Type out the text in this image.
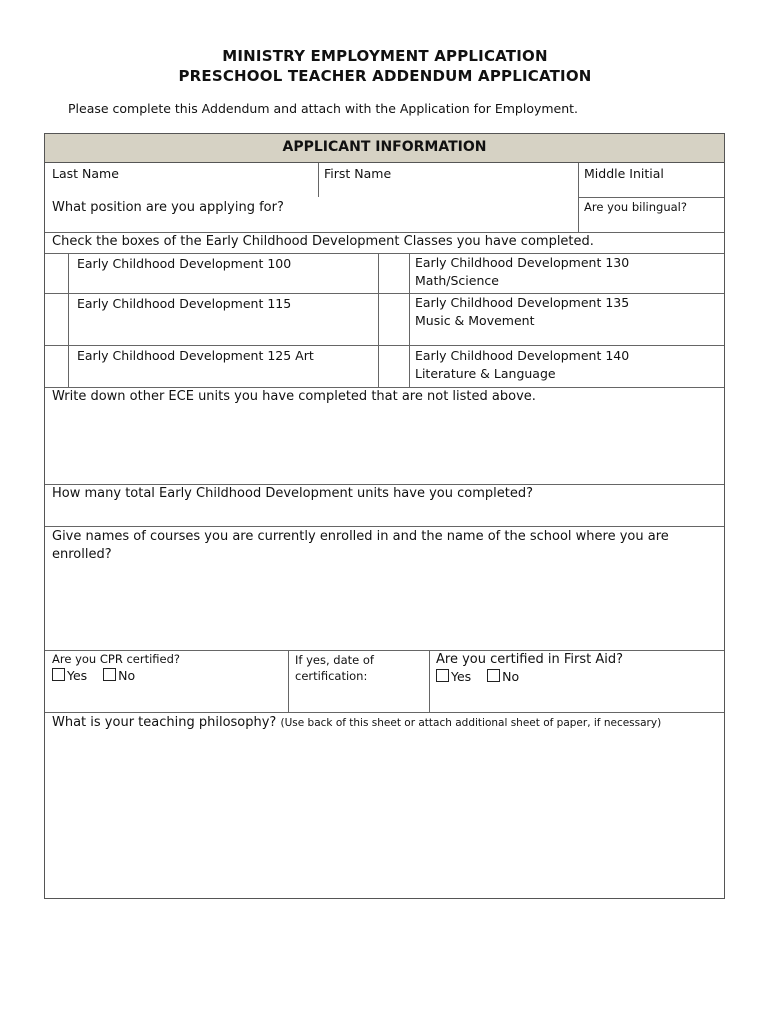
MINISTRY EMPLOYMENT APPLICATION
PRESCHOOL TEACHER ADDENDUM APPLICATION
Please complete this Addendum and attach with the Application for Employment.
APPLICANT INFORMATION
Last Name	First Name	Middle Initial
What position are you applying for?	Are you bilingual?
Check the boxes of the Early Childhood Development Classes you have completed.
Early Childhood Development 100	Early Childhood Development 130
Math/Science
Early Childhood Development 115	Early Childhood Development 135
Music & Movement
Early Childhood Development 125 Art	Early Childhood Development 140
Literature & Language
Write down other ECE units you have completed that are not listed above.
How many total Early Childhood Development units have you completed?
Give names of courses you are currently enrolled in and the name of the school where you are enrolled?
Are you CPR certified?
Yes No
If yes, date of
certification:
Are you certified in First Aid?
Yes No
What is your teaching philosophy? (Use back of this sheet or attach additional sheet of paper, if necessary)
